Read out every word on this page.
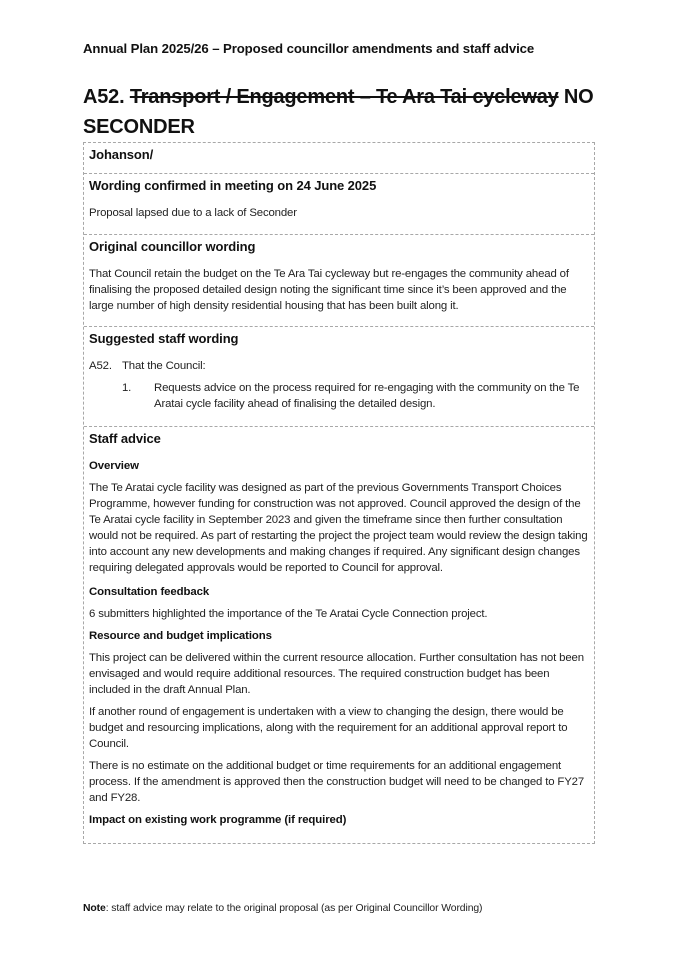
Annual Plan 2025/26 – Proposed councillor amendments and staff advice
A52. Transport / Engagement – Te Ara Tai cycleway NO SECONDER
Johanson/
Wording confirmed in meeting on 24 June 2025
Proposal lapsed due to a lack of Seconder
Original councillor wording
That Council retain the budget on the Te Ara Tai cycleway but re-engages the community ahead of finalising the proposed detailed design noting the significant time since it’s been approved and the large number of high density residential housing that has been built along it.
Suggested staff wording
A52. That the Council:
1.	Requests advice on the process required for re-engaging with the community on the Te Aratai cycle facility ahead of finalising the detailed design.
Staff advice
Overview
The Te Aratai cycle facility was designed as part of the previous Governments Transport Choices Programme, however funding for construction was not approved. Council approved the design of the Te Aratai cycle facility in September 2023 and given the timeframe since then further consultation would not be required. As part of restarting the project the project team would review the design taking into account any new developments and making changes if required. Any significant design changes requiring delegated approvals would be reported to Council for approval.
Consultation feedback
6 submitters highlighted the importance of the Te Aratai Cycle Connection project.
Resource and budget implications
This project can be delivered within the current resource allocation. Further consultation has not been envisaged and would require additional resources. The required construction budget has been included in the draft Annual Plan.
If another round of engagement is undertaken with a view to changing the design, there would be budget and resourcing implications, along with the requirement for an additional approval report to Council.
There is no estimate on the additional budget or time requirements for an additional engagement process. If the amendment is approved then the construction budget will need to be changed to FY27 and FY28.
Impact on existing work programme (if required)
Note: staff advice may relate to the original proposal (as per Original Councillor Wording)
